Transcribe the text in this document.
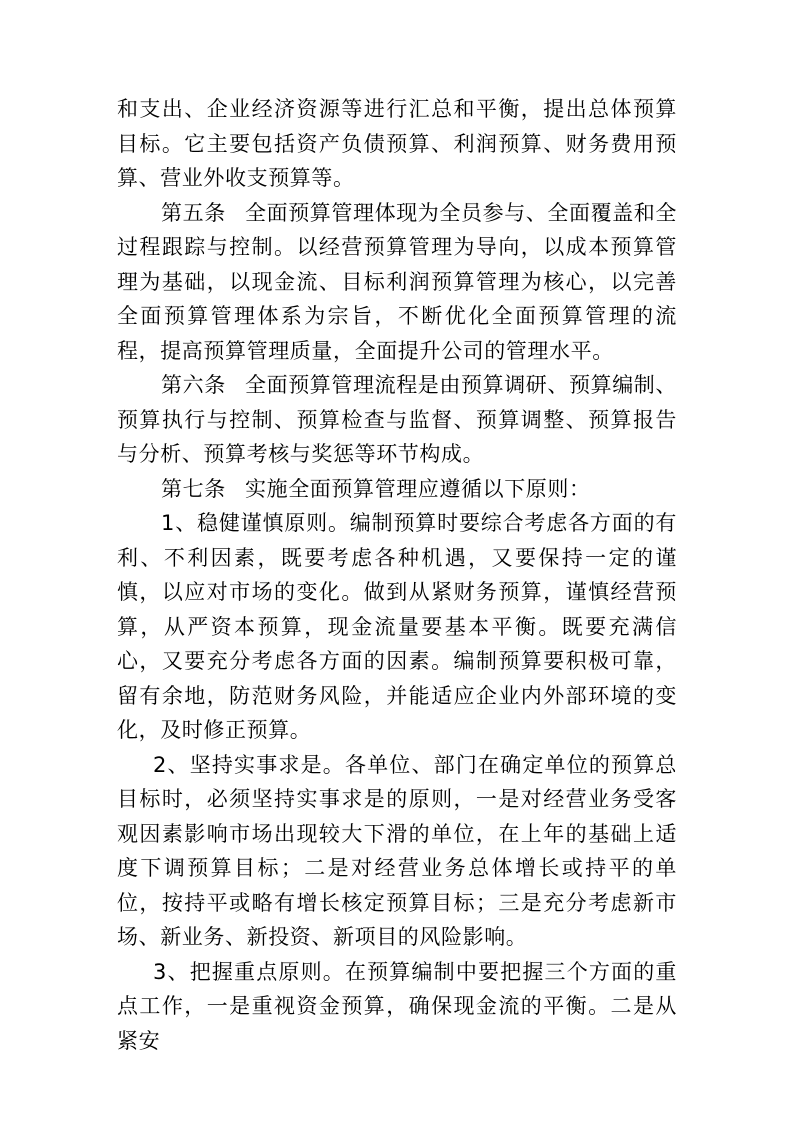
和支出、企业经济资源等进行汇总和平衡，提出总体预算目标。它主要包括资产负债预算、利润预算、财务费用预算、营业外收支预算等。

第五条 全面预算管理体现为全员参与、全面覆盖和全过程跟踪与控制。以经营预算管理为导向，以成本预算管理为基础，以现金流、目标利润预算管理为核心，以完善全面预算管理体系为宗旨，不断优化全面预算管理的流程，提高预算管理质量，全面提升公司的管理水平。

第六条 全面预算管理流程是由预算调研、预算编制、预算执行与控制、预算检查与监督、预算调整、预算报告与分析、预算考核与奖惩等环节构成。

第七条 实施全面预算管理应遵循以下原则：

1、稳健谨慎原则。编制预算时要综合考虑各方面的有利、不利因素，既要考虑各种机遇，又要保持一定的谨慎，以应对市场的变化。做到从紧财务预算，谨慎经营预算，从严资本预算，现金流量要基本平衡。既要充满信心，又要充分考虑各方面的因素。编制预算要积极可靠，留有余地，防范财务风险，并能适应企业内外部环境的变化，及时修正预算。

2、坚持实事求是。各单位、部门在确定单位的预算总目标时，必须坚持实事求是的原则，一是对经营业务受客观因素影响市场出现较大下滑的单位，在上年的基础上适度下调预算目标；二是对经营业务总体增长或持平的单位，按持平或略有增长核定预算目标；三是充分考虑新市场、新业务、新投资、新项目的风险影响。

3、把握重点原则。在预算编制中要把握三个方面的重点工作，一是重视资金预算，确保现金流的平衡。二是从紧安
